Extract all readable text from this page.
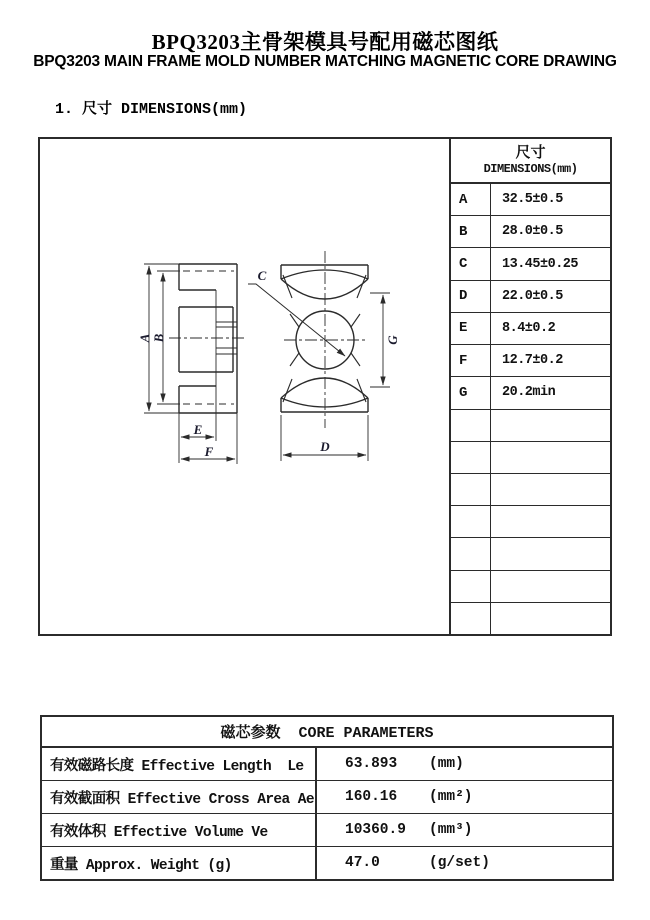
BPQ3203主骨架模具号配用磁芯图纸
BPQ3203 MAIN FRAME MOLD NUMBER MATCHING MAGNETIC CORE DRAWING
1. 尺寸 DIMENSIONS(mm)
A B
E
F
C
G
D
尺寸
DIMENSIONS(mm)
A	32.5±0.5
B	28.0±0.5
C	13.45±0.25
D	22.0±0.5
E	8.4±0.2
F	12.7±0.2
G	20.2min
磁芯参数  CORE PARAMETERS
有效磁路长度 Effective Length  Le	63.893	(mm)
有效截面积 Effective Cross Area Ae 160.16	(mm²)
有效体积 Effective Volume Ve	10360.9	(mm³)
重量 Approx. Weight (g)	47.0	(g/set)
